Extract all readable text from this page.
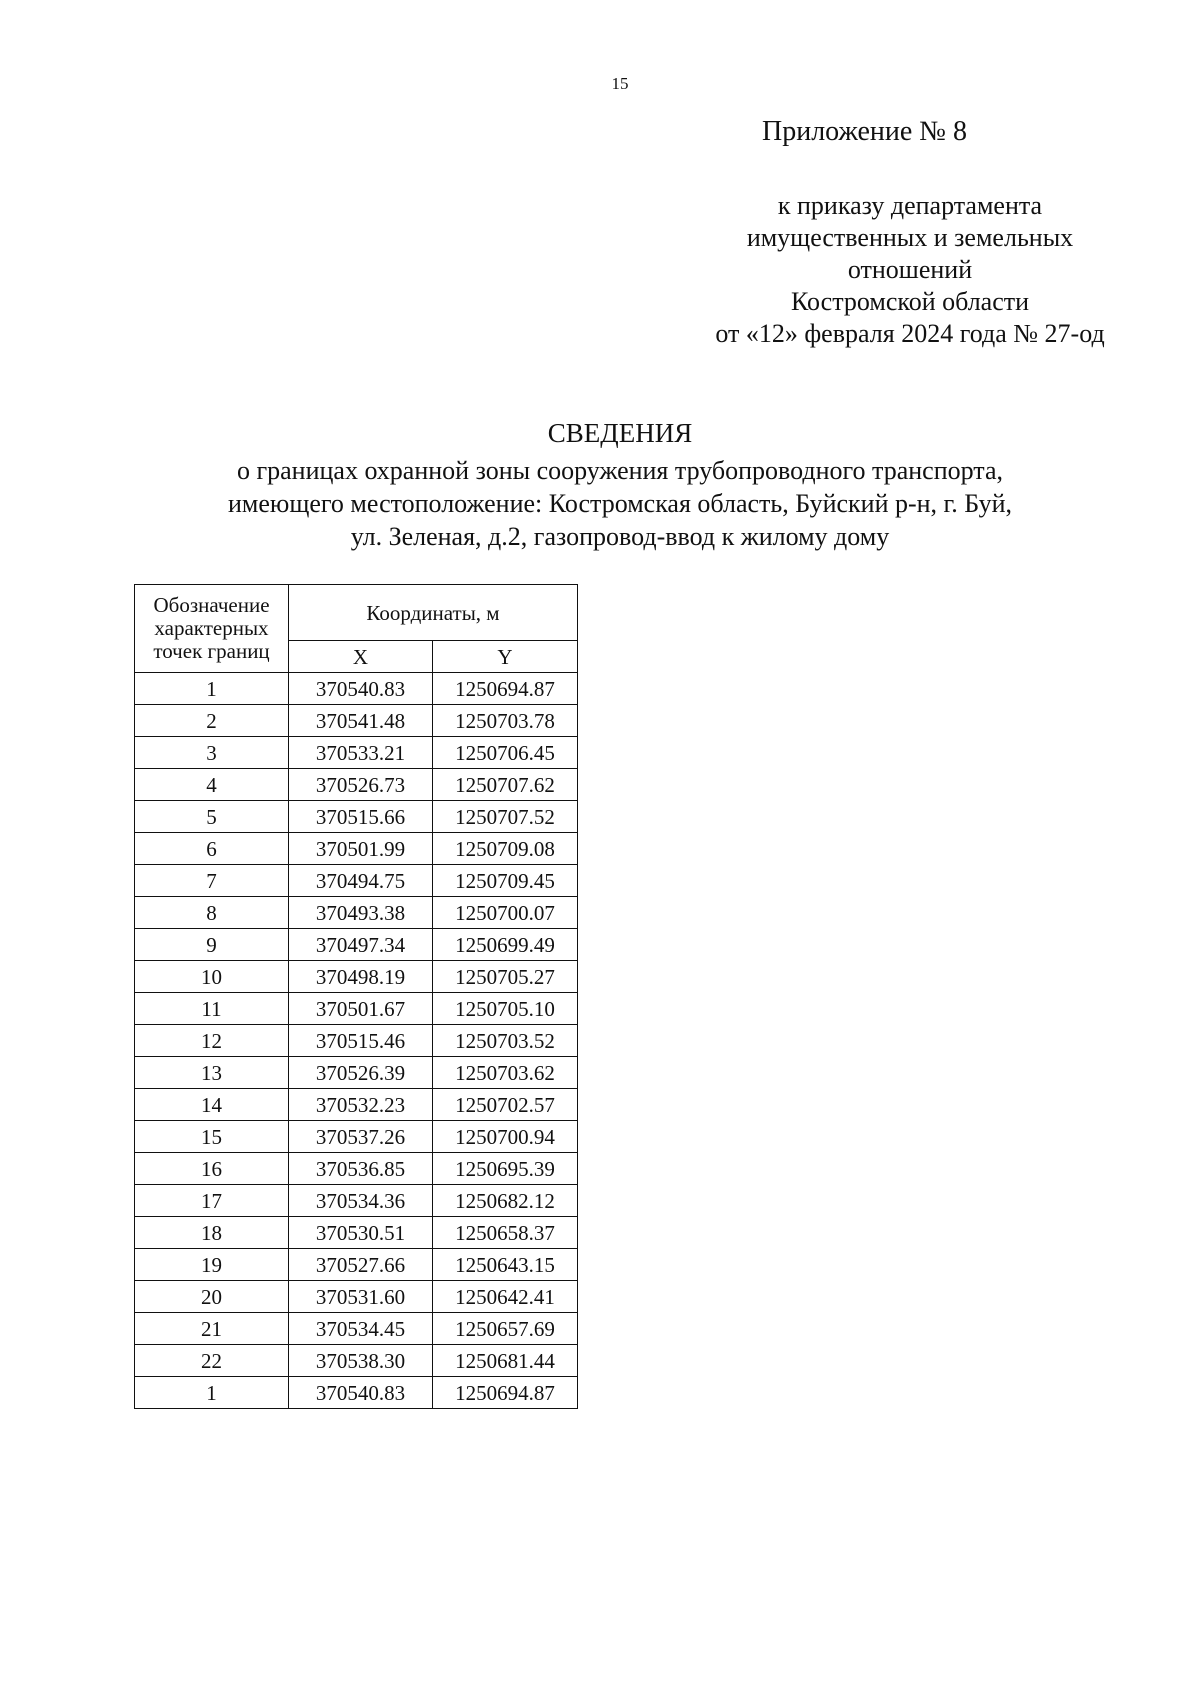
15
Приложение № 8
к приказу департамента
имущественных и земельных
отношений
Костромской области
от «12» февраля 2024 года № 27-од
СВЕДЕНИЯ
о границах охранной зоны сооружения трубопроводного транспорта,
имеющего местоположение: Костромская область, Буйский р-н, г. Буй,
ул. Зеленая, д.2, газопровод-ввод к жилому дому
Обозначение
характерных
точек границ	Координаты, м	
	X	Y
1	370540.83	1250694.87
2	370541.48	1250703.78
3	370533.21	1250706.45
4	370526.73	1250707.62
5	370515.66	1250707.52
6	370501.99	1250709.08
7	370494.75	1250709.45
8	370493.38	1250700.07
9	370497.34	1250699.49
10	370498.19	1250705.27
11	370501.67	1250705.10
12	370515.46	1250703.52
13	370526.39	1250703.62
14	370532.23	1250702.57
15	370537.26	1250700.94
16	370536.85	1250695.39
17	370534.36	1250682.12
18	370530.51	1250658.37
19	370527.66	1250643.15
20	370531.60	1250642.41
21	370534.45	1250657.69
22	370538.30	1250681.44
1	370540.83	1250694.87
